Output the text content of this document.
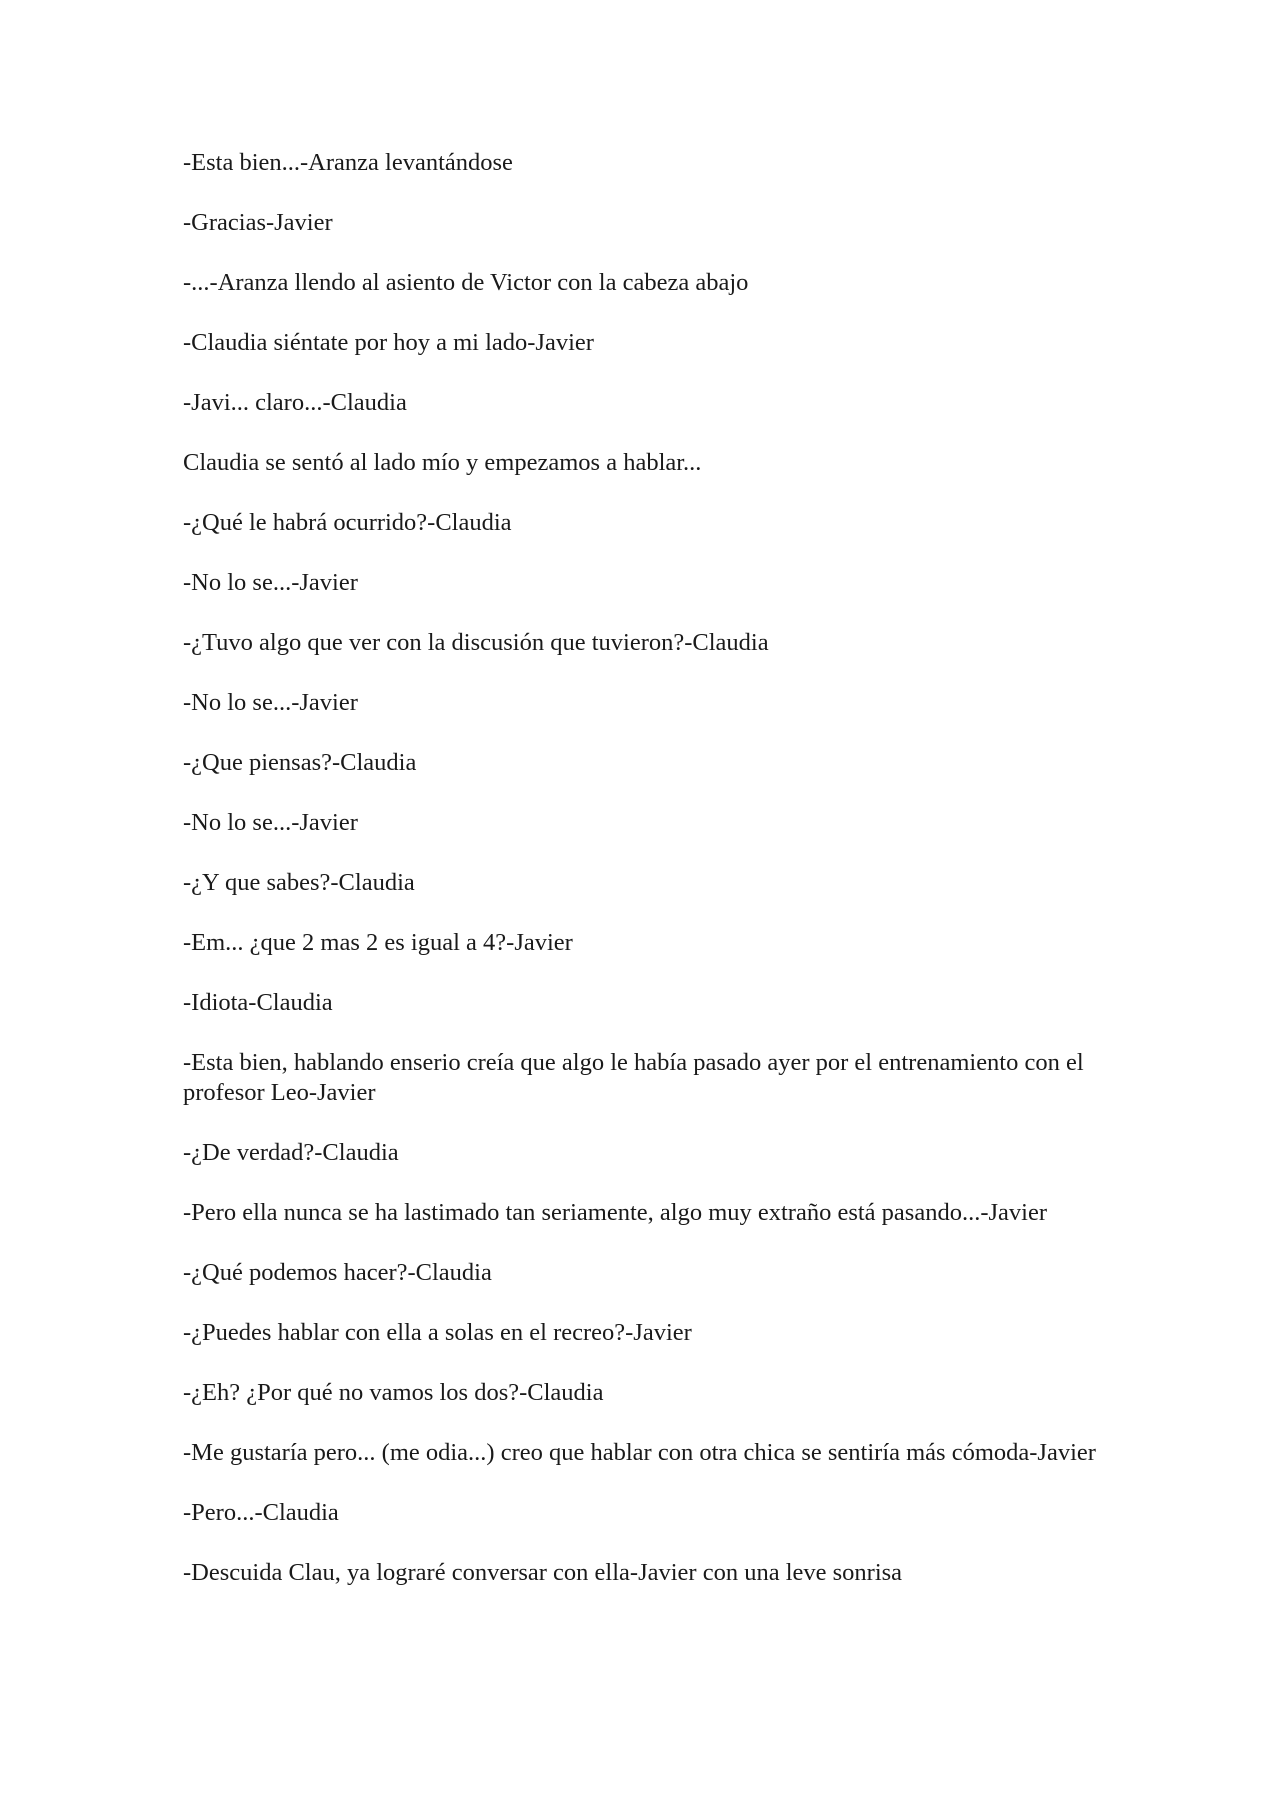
-Esta bien...-Aranza levantándose

-Gracias-Javier

-...-Aranza llendo al asiento de Victor con la cabeza abajo

-Claudia siéntate por hoy a mi lado-Javier

-Javi... claro...-Claudia

Claudia se sentó al lado mío y empezamos a hablar...

-¿Qué le habrá ocurrido?-Claudia

-No lo se...-Javier

-¿Tuvo algo que ver con la discusión que tuvieron?-Claudia

-No lo se...-Javier

-¿Que piensas?-Claudia

-No lo se...-Javier

-¿Y que sabes?-Claudia

-Em... ¿que 2 mas 2 es igual a 4?-Javier

-Idiota-Claudia

-Esta bien, hablando enserio creía que algo le había pasado ayer por el entrenamiento con el profesor Leo-Javier

-¿De verdad?-Claudia

-Pero ella nunca se ha lastimado tan seriamente, algo muy extraño está pasando...-Javier

-¿Qué podemos hacer?-Claudia

-¿Puedes hablar con ella a solas en el recreo?-Javier

-¿Eh? ¿Por qué no vamos los dos?-Claudia

-Me gustaría pero... (me odia...) creo que hablar con otra chica se sentiría más cómoda-Javier

-Pero...-Claudia

-Descuida Clau, ya lograré conversar con ella-Javier con una leve sonrisa
